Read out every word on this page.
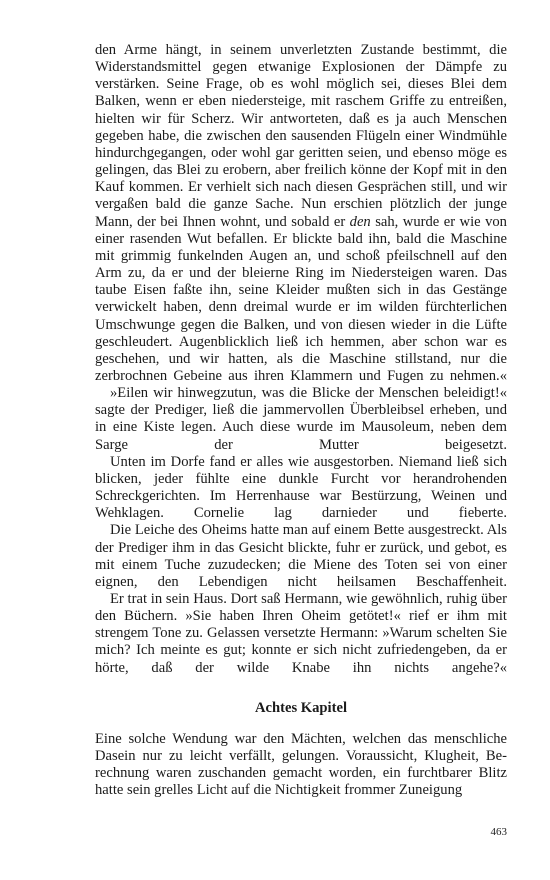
den Arme hängt, in seinem unverletzten Zustande bestimmt, die Widerstandsmittel gegen etwanige Explosionen der Dämpfe zu verstärken. Seine Frage, ob es wohl möglich sei, dieses Blei dem Balken, wenn er eben niedersteige, mit raschem Griffe zu entreißen, hielten wir für Scherz. Wir antworteten, daß es ja auch Menschen gegeben habe, die zwischen den sausenden Flügeln einer Windmühle hindurchgegangen, oder wohl gar geritten seien, und ebenso möge es gelingen, das Blei zu erobern, aber freilich könne der Kopf mit in den Kauf kommen. Er verhielt sich nach diesen Gesprächen still, und wir vergaßen bald die ganze Sache. Nun erschien plötzlich der junge Mann, der bei Ihnen wohnt, und sobald er den sah, wurde er wie von einer rasenden Wut befallen. Er blickte bald ihn, bald die Maschine mit grimmig funkelnden Augen an, und schoß pfeilschnell auf den Arm zu, da er und der bleierne Ring im Niedersteigen waren. Das taube Eisen faßte ihn, seine Kleider mußten sich in das Gestänge verwickelt haben, denn dreimal wurde er im wilden fürchterlichen Umschwunge gegen die Balken, und von diesen wieder in die Lüfte geschleudert. Augenblicklich ließ ich hemmen, aber schon war es geschehen, und wir hatten, als die Maschine stillstand, nur die zerbrochnen Gebeine aus ihren Klammern und Fugen zu nehmen.«

»Eilen wir hinwegzutun, was die Blicke der Menschen beleidigt!« sagte der Prediger, ließ die jammervollen Überbleibsel erheben, und in eine Kiste legen. Auch diese wurde im Mausoleum, neben dem Sarge der Mutter beigesetzt.

Unten im Dorfe fand er alles wie ausgestorben. Niemand ließ sich blicken, jeder fühlte eine dunkle Furcht vor herandrohenden Schreckgerichten. Im Herrenhause war Bestürzung, Weinen und Wehklagen. Cornelie lag darnieder und fieberte.

Die Leiche des Oheims hatte man auf einem Bette ausgestreckt. Als der Prediger ihm in das Gesicht blickte, fuhr er zurück, und gebot, es mit einem Tuche zuzudecken; die Miene des Toten sei von einer eignen, den Lebendigen nicht heilsamen Beschaffenheit.

Er trat in sein Haus. Dort saß Hermann, wie gewöhnlich, ruhig über den Büchern. »Sie haben Ihren Oheim getötet!« rief er ihm mit strengem Tone zu. Gelassen versetzte Hermann: »Warum schelten Sie mich? Ich meinte es gut; konnte er sich nicht zufriedengeben, da er hörte, daß der wilde Knabe ihn nichts angehe?«

Achtes Kapitel

Eine solche Wendung war den Mächten, welchen das menschliche Dasein nur zu leicht verfällt, gelungen. Voraussicht, Klugheit, Berechnung waren zuschanden gemacht worden, ein furchtbarer Blitz hatte sein grelles Licht auf die Nichtigkeit frommer Zuneigung

463
